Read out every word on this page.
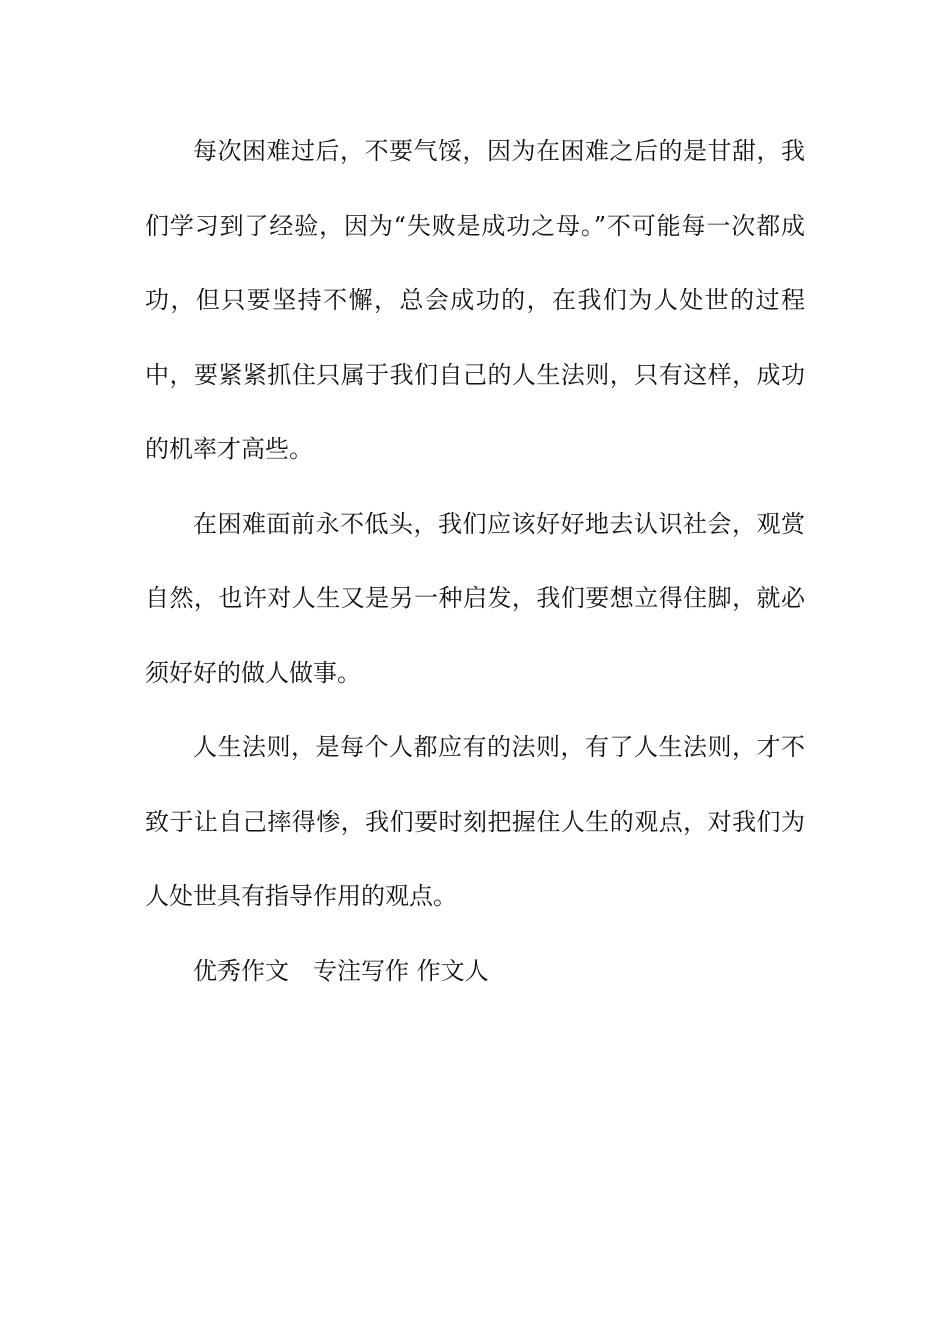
每次困难过后，不要气馁，因为在困难之后的是甘甜，我们学习到了经验，因为“失败是成功之母。”不可能每一次都成功，但只要坚持不懈，总会成功的，在我们为人处世的过程中，要紧紧抓住只属于我们自己的人生法则，只有这样，成功的机率才高些。

在困难面前永不低头，我们应该好好地去认识社会，观赏自然，也许对人生又是另一种启发，我们要想立得住脚，就必须好好的做人做事。

人生法则，是每个人都应有的法则，有了人生法则，才不致于让自己摔得惨，我们要时刻把握住人生的观点，对我们为人处世具有指导作用的观点。

优秀作文　专注写作 作文人
